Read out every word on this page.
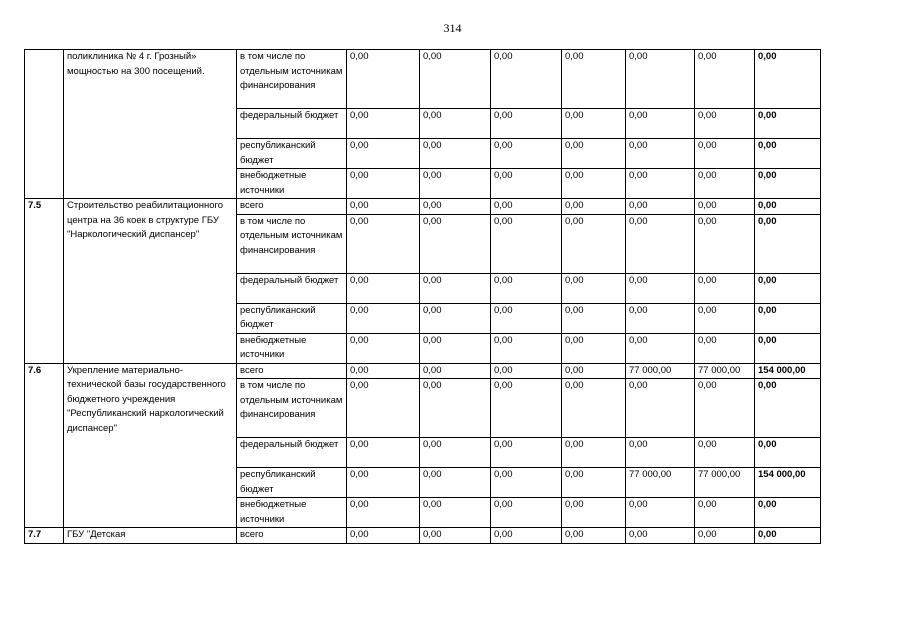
314
	поликлиника № 4 г. Грозный» мощностью на 300 посещений.	в том числе по отдельным источникам финансирования	0,00	0,00	0,00	0,00	0,00	0,00	0,00
		федеральный бюджет	0,00	0,00	0,00	0,00	0,00	0,00	0,00
		республиканский бюджет	0,00	0,00	0,00	0,00	0,00	0,00	0,00
		внебюджетные источники	0,00	0,00	0,00	0,00	0,00	0,00	0,00
7.5	Строительство реабилитационного центра на 36 коек в структуре ГБУ "Наркологический диспансер"	всего	0,00	0,00	0,00	0,00	0,00	0,00	0,00
		в том числе по отдельным источникам финансирования	0,00	0,00	0,00	0,00	0,00	0,00	0,00
		федеральный бюджет	0,00	0,00	0,00	0,00	0,00	0,00	0,00
		республиканский бюджет	0,00	0,00	0,00	0,00	0,00	0,00	0,00
		внебюджетные источники	0,00	0,00	0,00	0,00	0,00	0,00	0,00
7.6	Укрепление материально-технической базы государственного бюджетного учреждения "Республиканский наркологический диспансер"	всего	0,00	0,00	0,00	0,00	77 000,00	77 000,00	154 000,00
		в том числе по отдельным источникам финансирования	0,00	0,00	0,00	0,00	0,00	0,00	0,00
		федеральный бюджет	0,00	0,00	0,00	0,00	0,00	0,00	0,00
		республиканский бюджет	0,00	0,00	0,00	0,00	77 000,00	77 000,00	154 000,00
		внебюджетные источники	0,00	0,00	0,00	0,00	0,00	0,00	0,00
7.7	ГБУ "Детская	всего	0,00	0,00	0,00	0,00	0,00	0,00	0,00
